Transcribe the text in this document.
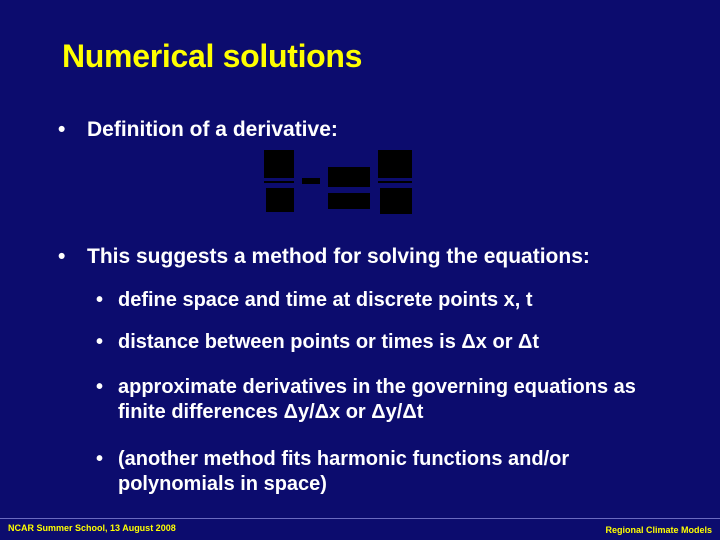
Numerical solutions
• Definition of a derivative:
• This suggests a method for solving the equations:
• define space and time at discrete points x, t
• distance between points or times is Δx or Δt
• approximate derivatives in the governing equations as finite differences Δy/Δx or Δy/Δt
• (another method fits harmonic functions and/or polynomials in space)
NCAR Summer School, 13 August 2008	Regional Climate Models
